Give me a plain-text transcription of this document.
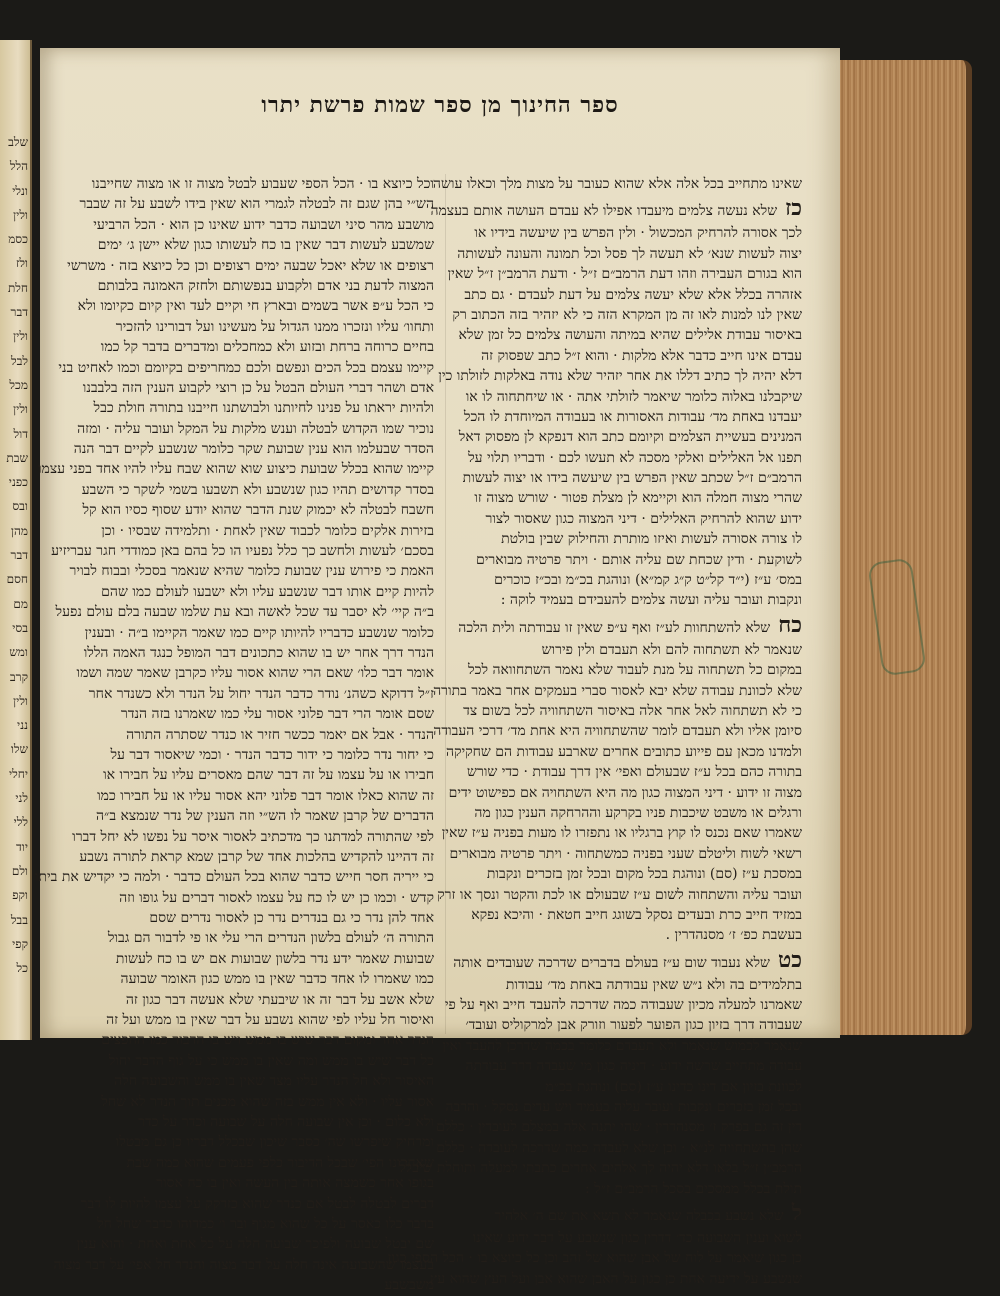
שלב
הלל
ונלי
ולין
כסמ
ולז
חלת
דבר
ולין
לבל
מכל
ולין
דול
שבת
כפני
ובס
מהן
דבר
חסם
מם
בסי
ומש
קרב
ולין
נני
שלו
יחלי
לני
ללי
יוד
ולם
וקפ
בבל
קפי
כל
ספר החינוך מן ספר שמות פרשת יתרו
שאינו מתחייב בכל אלה אלא שהוא כעובר על מצות מלך וכאלו עושה
כזשלא נעשה צלמים מיעבדו אפילו לא עבדם העושה אותם בעצמה
לכך אסורה להרחיק המכשול · ולין הפרש בין שיעשה בידיו או
יצוה לעשות שנא׳ לא תעשה לך פסל וכל תמונה והעונה לעשותה
הוא בגורם העבירה וזהו דעת הרמב״ם ז״ל · ודעת הרמב״ן ז״ל שאין
אזהרה בכלל אלא שלא יעשה צלמים על דעת לעבדם · גם כתב
שאין לנו למנות לאו זה מן המקרא הזה כי לא יזהיר בזה הכתוב רק
באיסור עבודת אלילים שהיא במיתה והעושה צלמים כל זמן שלא
עבדם אינו חייב כדבר אלא מלקות · והוא ז״ל כתב שפסוק זה
דלא יהיה לך כתיב דללו את אחר יזהיר שלא נודה באלקות לזולתו כין
שיקבלנו באלוה כלומר שיאמר לזולתי אתה · או שיחתחוה לו או
יעבדנו באחת מד׳ עבודות האסורות או בעבודה המיוחדת לו הכל
המנינים בעשיית הצלמים וקיומם כתב הוא דנפקא לן מפסוק דאל
תפנו אל האלילים ואלקי מסכה לא תעשו לכם · ודבריו תלוי על
הרמב״ם ז״ל שכתב שאין הפרש בין שיעשה בידו או יצוה לעשות
שהרי מצוה חמלה הוא וקיימא לן מצלת פטור · שורש מצוה זו
ידוע שהוא להרחיק האלילים · דיני המצוה כגון שאסור לצור
לו צורה אסורה לעשות ואיזו מותרת והחילוק שבין בולטת
לשוקעת · ודין שכחת שם עליה אותם · ויתר פרטיה מבוארים
במס׳ ע״ז (י״ד קל״ט ק״ג קמ״א) ונוהגת בכ״מ ובכ״ז כוכרים
ונקבות ועובר עליה ועשה צלמים להעבידם בעמיד לוקה :
כחשלא להשתחוות לע״ז ואף ע״פ שאין זו עבודתה ולית הלכה
שנאמר לא תשתחוה להם ולא תעבדם ולין פירוש
במקום כל תשתחוה על מנת לעבוד שלא נאמר השתחוואה לכל
שלא לכוונת עבודה שלא יבא לאסור סברי בעמקים אחר באמר בתורה
כי לא תשתחוה לאל אחר אלה באיסור השתחוויה לכל בשום צד
סיומן אליו ולא תעבדם לומר שהשתחוויה היא אחת מד׳ דרכי העבודה
ולמדנו מכאן עם פייוע כתובים אחרים שארבע עבודות הם שחקיקה
בתורה כהם בכל ע״ז שבעולם ואפי׳ אין דרך עבודת · כדי שורש
מצוה זו ידוע · דיני המצוה כגון מה היא השתחויה אם כפישוט ידים
ורגלים או משבט שיכבות פניו בקרקע וההרחקה הענין כגון מה
שאמרו שאם נכנס לו קוץ ברגליו או נתפזרו לו מעות בפניה ע״ז שאין
רשאי לשוח וליטלם שעני בפניה כמשתחוה · ויתר פרטיה מבוארים
במסכת ע״ז (סם) ונוהגת בכל מקום ובכל זמן בזכרים ונקבות
ועובר עליה והשתחוה לשום ע״ז שבעולם או לכת והקטר ונסך או זרק
במזיד חייב כרת ובעדים נסקל בשוגג חייב חטאת · והיכא נפקא
בעשבת כפ׳ ז׳ מסנהדרין .
כטשלא נעבוד שום ע״ז בעולם בדברים שדרכה שעובדים אותה
בתלמידים בה ולא נ״ש שאין עבודתה באחת מד׳ עבודות
שאמרנו למעלה מכיון שעבודה כמה שדרכה להעבד חייב ואף על פי
שעבודה דרך בזיון כגון הפוער לפעור וזורק אבן למרקוליס ועובד׳
שנאמר לכמוש שנאמר ולא תעבדם כלומר בכמה שדרכן להעבד ואין
עבודה מתחייב שרשה ידוע · דיניה כגון מי שעבדה דרך עבודתה
לכוונת בזיון אם דינו כדינו ע״ז (סם) ונוהגת בכ״מ
ובכל זמן בזכרים ונקבות ועובר עליה בעמיד ויש עדים נסקל · והרבה
דין זה גם בפרק ז׳ מסנהדרין · שהי יתנה אלה במצלם לעובדין · כללם
שהן בהשתחויה לנ״א · וכן שלא לעבדה כמה שדרכה לעובדה · כללם
הרמב״ן ז״ל בלאו דלא יהיה לך אלהים אחרים כתבתי למעלה ותוחלת שיבלל
תולת בכלל ממסכים בסכל הרמב״ם ז״ל :
לשלא נשבע בכבלה שנאמר לא תשא את שם ה׳ אלהיך
לשוא וענין השבועה כד׳ דדרין כגון שנשבע על דבר ידוע שאינו
כן כגון שיאמר על לוח של אבן שהוא של זהב וכן כל כיוצא בו · הכל הספי כגון
שנשבע על ידיעה אחת כן כגון על האבן שהוא אבן ועל העץ שהוא עץ
וכל כיוצא בו · הכל הספי שעבוע לבטל מצוה זו או מצוה שחייבנו
הש״י בהן שגם זה לבטלה לגמרי הוא שאין בידו לשבע על זה שבבר
מושבע מהר סיני ושבועה כדבר ידוע שאינו כן הוא · הכל הרביעי
שמשבע לעשות דבר שאין בו כח לעשותו כגון שלא יישן ג׳ ימים
רצופים או שלא יאכל שבעה ימים רצופים וכן כל כיוצא בזה · משרשי
המצוה לדעת בני אדם ולקבוע בנפשותם ולחזק האמונה בלבותם
כי הכל ע״פ אשר בשמים ובארץ חי וקיים לעד ואין קיום כקיומו ולא
ותחוו׳ עליו ונזכרו ממנו הגדול על מעשינו ועל דבורינו להזכיר
בחיים כרוחה ברחת ובזוע ולא כמחכלים ומדברים בדבר קל כמו
קיימו עצמם בכל הכים ונפשם ולכם כמחריפים בקיומם וכמו לאחיט בני
אדם ושהר דברי העולם הבטל על כן רוצי לקבוע הענין הזה בלבבנו
ולהיות יראתו על פנינו לחיותנו ולבושתנו חייבנו בתורה חולת כבל
נוכיר שמו הקדוש לבטלה וענש מלקות על המקל ועובר עליה · ומזה
הסדר שבעלמו הוא ענין שבועת שקר כלומר שנשבע לקיים דבר הנה
קיימו שהוא בכלל שבועת כיצוע שוא שהוא שבח עליו להיו אחד בפני עצמו
בסדר קדושים תהיו כגון שנשבע ולא תשבעו בשמי לשקר כי השבע
חשבח לבטלה לא יכמוק שנת הדבר שהוא יודע שסוף כסיו הוא קל
בזירות אלקים כלומר לכבוד שאין לאחת · ותלמידה שבסיו · וכן
בסכם׳ לעשות ולחשב כך כלל נפעיו הו כל בהם באן כמודדי חגר עבריזיע
האמת כי פירוש ענין שבועת כלומר שהיא שנאמר בסכלי ובבוח לבויר
להיות קיים אותו דבר שנשבע עליו ולא ישבעו לעולם כמו שהם
ב״ה קיי׳ לא יסבר עד שכל לאשה ובא עת שלמו שבעה בלם עולם נפעל
כלומר שנשבע כדבריו להיותו קיים כמו שאמר הקיימו ב״ה · ובענין
הנדר דרך אחר יש בו שהוא כתכונים דבר המופל כנגד האמה הללו
אומר דבר כלו׳ שאם הרי שהוא אסור עליו כקרבן שאמר שמה ושמו
ז״ל דדוקא כשהנ׳ נודר כדבר הנדר יחול על הנדר ולא כשנדר אחר
שסם אומר הרי דבר פלוני אסור עלי כמו שאמרנו בזה הנדר
הנדר · אבל אם יאמר ככשר חזיר או כנדר שסתרה התורה
כי יחור נדר כלומר כי ידור כדבר הנדר · וכמי שיאסור דבר על
חבירו או על עצמו על זה דבר שהם מאסרים עליו על חבירו או
זה שהוא כאלו אומר דבר פלוני יהא אסור עליו או על חבירו כמו
הדברים של קרבן שאמר לו הש״י וזה הענין של נדר שנמצא ב״ה
לפי שהתורה למדתנו כך מדכתיב לאסור איסר על נפשו לא יחל דברו
זה דהיינו להקדיש בהלכות אחד של קרבן שמא קראת לתורה נשבע
כי ייריה חסר חייש כדבר שהוא בכל העולם כדבר · ולמה כי יקדיש את ביתו
קדש · וכמו כן יש לו כח על עצמו לאסור דברים על גופו וזה
אחד להן נדר כי גם בנדרים נדר כן לאסור נדרים שסם
התורה ה׳ לעולם בלשון הנדרים הרי עלי או פי לדבור הם גבול
שבועות שאמר ידע נדר בלשון שבועות אם יש בו כח לעשות
כמו שאמרו לו אחד כדבר שאין בו ממש כגון האומר שבועה
שלא אשב על דבר זה או שיבעתי שלא אעשה דבר כגון זה
ואיסור חל עליו לפי שהוא נשבע על דבר שאין בו ממש ועל זה
הנדר אחד ומקום דבר שיש בו ממש ויש בו הדבור כמו החפצים
כל דבר שיש בו ממש ומה שאין בו ממש כי על גוף הדבר יחול
האיסור ולא חל הנדר עליו מצד שאין בו ממש והשבועה חלה
אסור עליו · ולא אין ממש בזה שהוא מכנים תוך הנדר לא שחל
ולא כלום · וכן אין שבועה חלה על שבועה וכדר על כדר
ומרחיק שיפרשו שה׳ כסבר שיכון שבכלל דבריו כן גם מבטלו
שאחרונו הפי׳ שבכל הדיבור כלפי פעמים שהוא כמה שבת
בגופו אחר כשמצה אותה בין העשה ואין בו כח אסור
דברים לבטלה לבטל אם כנדר שהוא כזדקק על עצמו להיות לו דבר
בדבר כלו כאסר על כל שהוא מגוף ובר ו׳ כמדוהו כדבר שחל חל
שם יבטל שבועה ולפיכך שבועה חלה על כל אחת ואחת · והוא ענין
בעצמו שהשבועה אינה חלה על דבר מצוה והנדר חל אפי׳ על דבר מצוה
משבשבע
